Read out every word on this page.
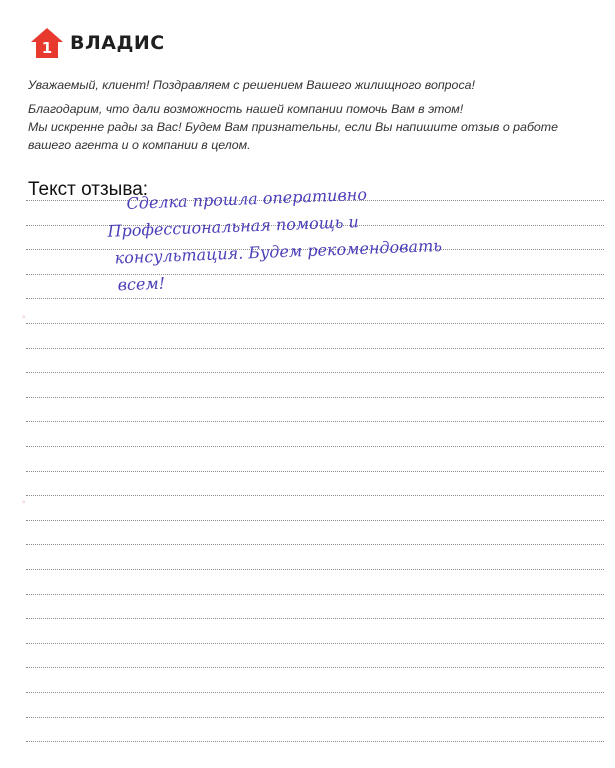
1 ВЛАДИС

Уважаемый, клиент! Поздравляем с решением Вашего жилищного вопроса!

Благодарим, что дали возможность нашей компании помочь Вам в этом!

Мы искренне рады за Вас! Будем Вам признательны, если Вы напишите отзыв о работе

вашего агента и о компании в целом.

Текст отзыва:
Сделка прошла оперативно
Профессиональная помощь и
консультация. Будем рекомендовать
всем!
◦
◦
